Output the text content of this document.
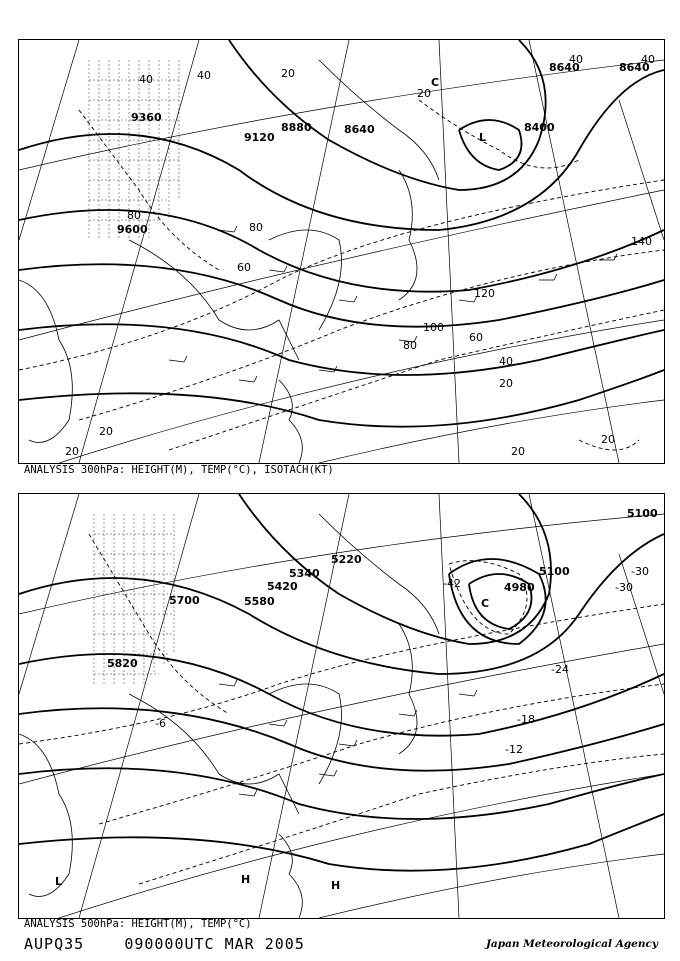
9360
9120
8880	8640	8400
8640
9600
8640
40	40	20
20
40
80
60
80
120
100
80
60
40
20
20
20
140
20
40
20
C
L
ANALYSIS 300hPa: HEIGHT(M), TEMP(°C), ISOTACH(KT)
5700	5580
5820
5340
5220
5420	4980
5100
5100
-30
-30
-24
-18
-12
-6
-42
L	H	H
C
ANALYSIS 500hPa: HEIGHT(M), TEMP(°C)
AUPQ35	090000UTC MAR 2005	Japan Meteorological Agency
